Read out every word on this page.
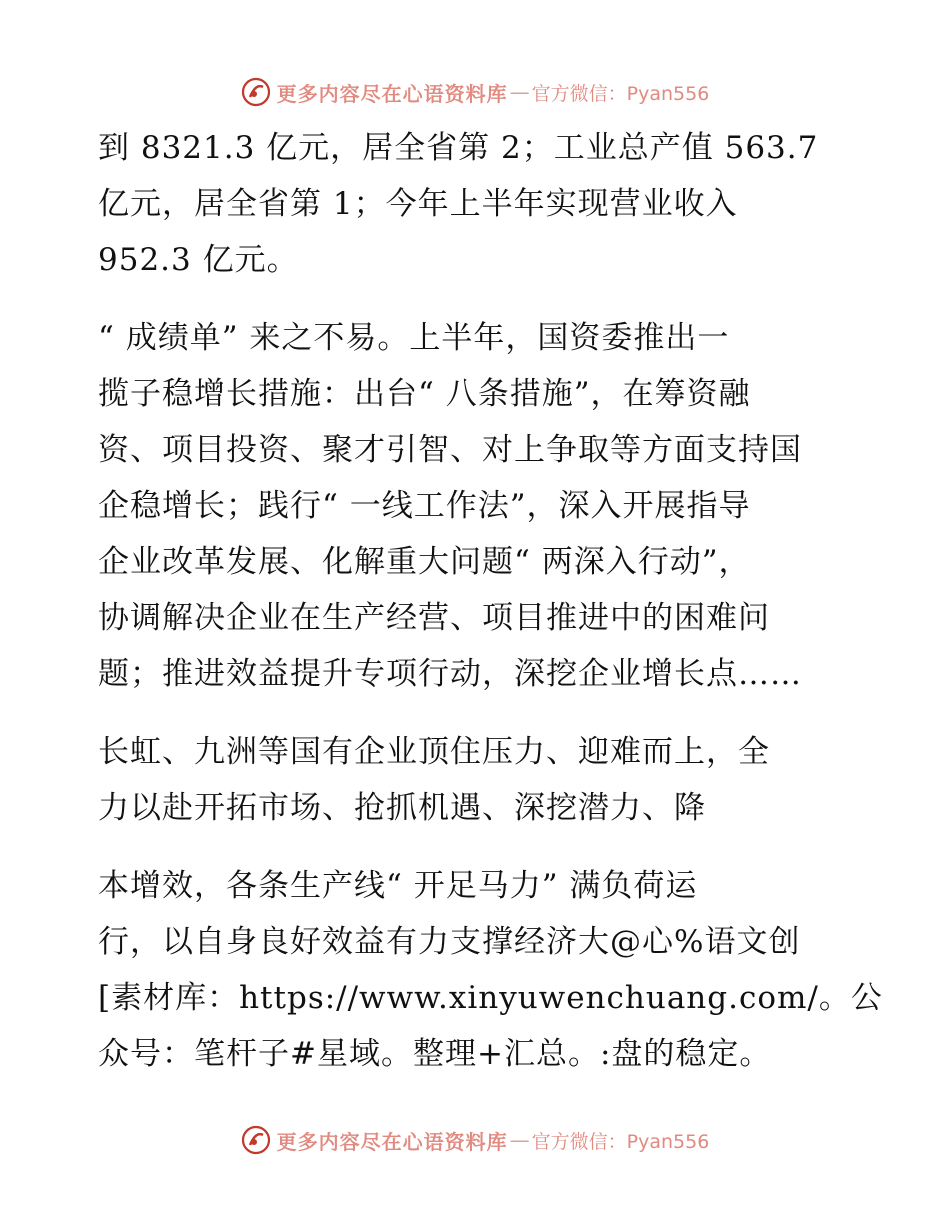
更多内容尽在心语资料库 — 官方微信：Pyan556
到 8321.3 亿元，居全省第 2；工业总产值 563.7
亿元，居全省第 1；今年上半年实现营业收入
952.3 亿元。
“ 成绩单” 来之不易。上半年，国资委推出一
揽子稳增长措施：出台“ 八条措施”，在筹资融
资、项目投资、聚才引智、对上争取等方面支持国
企稳增长；践行“ 一线工作法”，深入开展指导
企业改革发展、化解重大问题“ 两深入行动”，
协调解决企业在生产经营、项目推进中的困难问
题；推进效益提升专项行动，深挖企业增长点……
长虹、九洲等国有企业顶住压力、迎难而上，全
力以赴开拓市场、抢抓机遇、深挖潜力、降
本增效，各条生产线“ 开足马力” 满负荷运
行，以自身良好效益有力支撑经济大@心%语文创
[素材库：https://www.xinyuwenchuang.com/。公
众号：笔杆子#星域。整理+汇总。:盘的稳定。
更多内容尽在心语资料库 — 官方微信：Pyan556
